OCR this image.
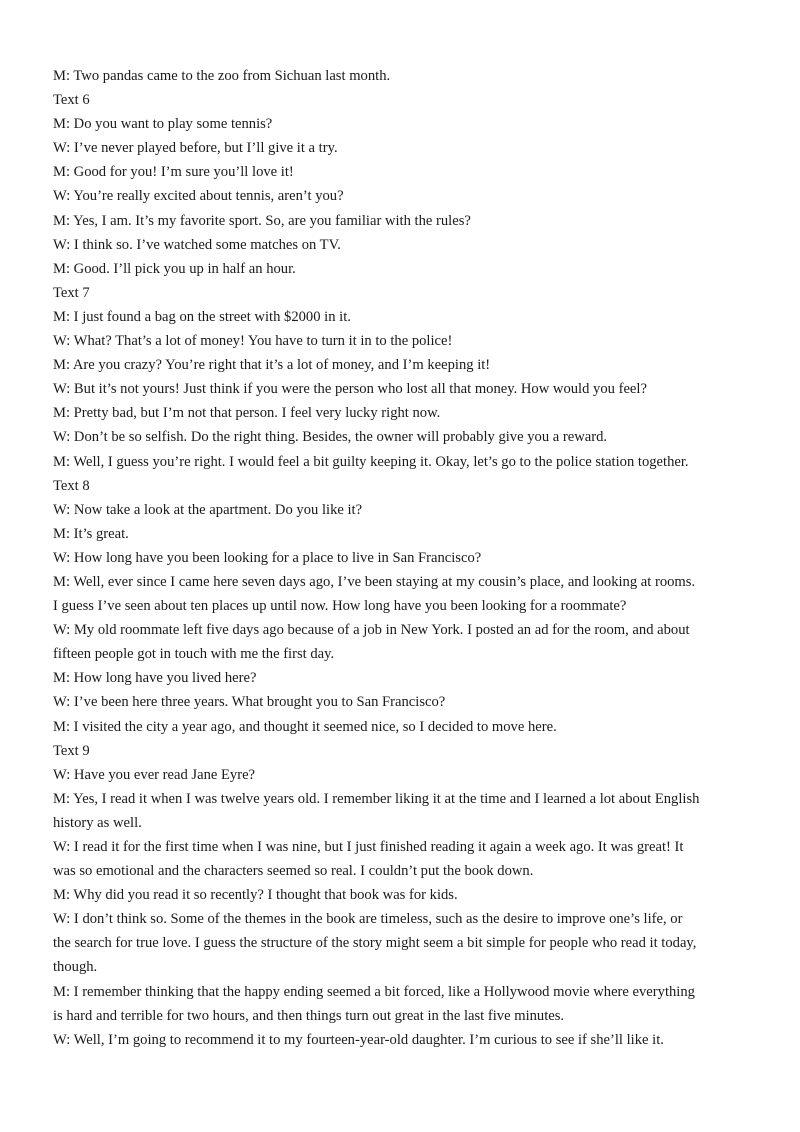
M: Two pandas came to the zoo from Sichuan last month.
Text 6
M: Do you want to play some tennis?
W: I’ve never played before, but I’ll give it a try.
M: Good for you! I’m sure you’ll love it!
W: You’re really excited about tennis, aren’t you?
M: Yes, I am. It’s my favorite sport. So, are you familiar with the rules?
W: I think so. I’ve watched some matches on TV.
M: Good. I’ll pick you up in half an hour.
Text 7
M: I just found a bag on the street with $2000 in it.
W: What? That’s a lot of money! You have to turn it in to the police!
M: Are you crazy? You’re right that it’s a lot of money, and I’m keeping it!
W: But it’s not yours! Just think if you were the person who lost all that money. How would you feel?
M: Pretty bad, but I’m not that person. I feel very lucky right now.
W: Don’t be so selfish. Do the right thing. Besides, the owner will probably give you a reward.
M: Well, I guess you’re right. I would feel a bit guilty keeping it. Okay, let’s go to the police station together.
Text 8
W: Now take a look at the apartment. Do you like it?
M: It’s great.
W: How long have you been looking for a place to live in San Francisco?
M: Well, ever since I came here seven days ago, I’ve been staying at my cousin’s place, and looking at rooms.
I guess I’ve seen about ten places up until now. How long have you been looking for a roommate?
W: My old roommate left five days ago because of a job in New York. I posted an ad for the room, and about
fifteen people got in touch with me the first day.
M: How long have you lived here?
W: I’ve been here three years. What brought you to San Francisco?
M: I visited the city a year ago, and thought it seemed nice, so I decided to move here.
Text 9
W: Have you ever read Jane Eyre?
M: Yes, I read it when I was twelve years old. I remember liking it at the time and I learned a lot about English
history as well.
W: I read it for the first time when I was nine, but I just finished reading it again a week ago. It was great! It
was so emotional and the characters seemed so real. I couldn’t put the book down.
M: Why did you read it so recently? I thought that book was for kids.
W: I don’t think so. Some of the themes in the book are timeless, such as the desire to improve one’s life, or
the search for true love. I guess the structure of the story might seem a bit simple for people who read it today,
though.
M: I remember thinking that the happy ending seemed a bit forced, like a Hollywood movie where everything
is hard and terrible for two hours, and then things turn out great in the last five minutes.
W: Well, I’m going to recommend it to my fourteen-year-old daughter. I’m curious to see if she’ll like it.
